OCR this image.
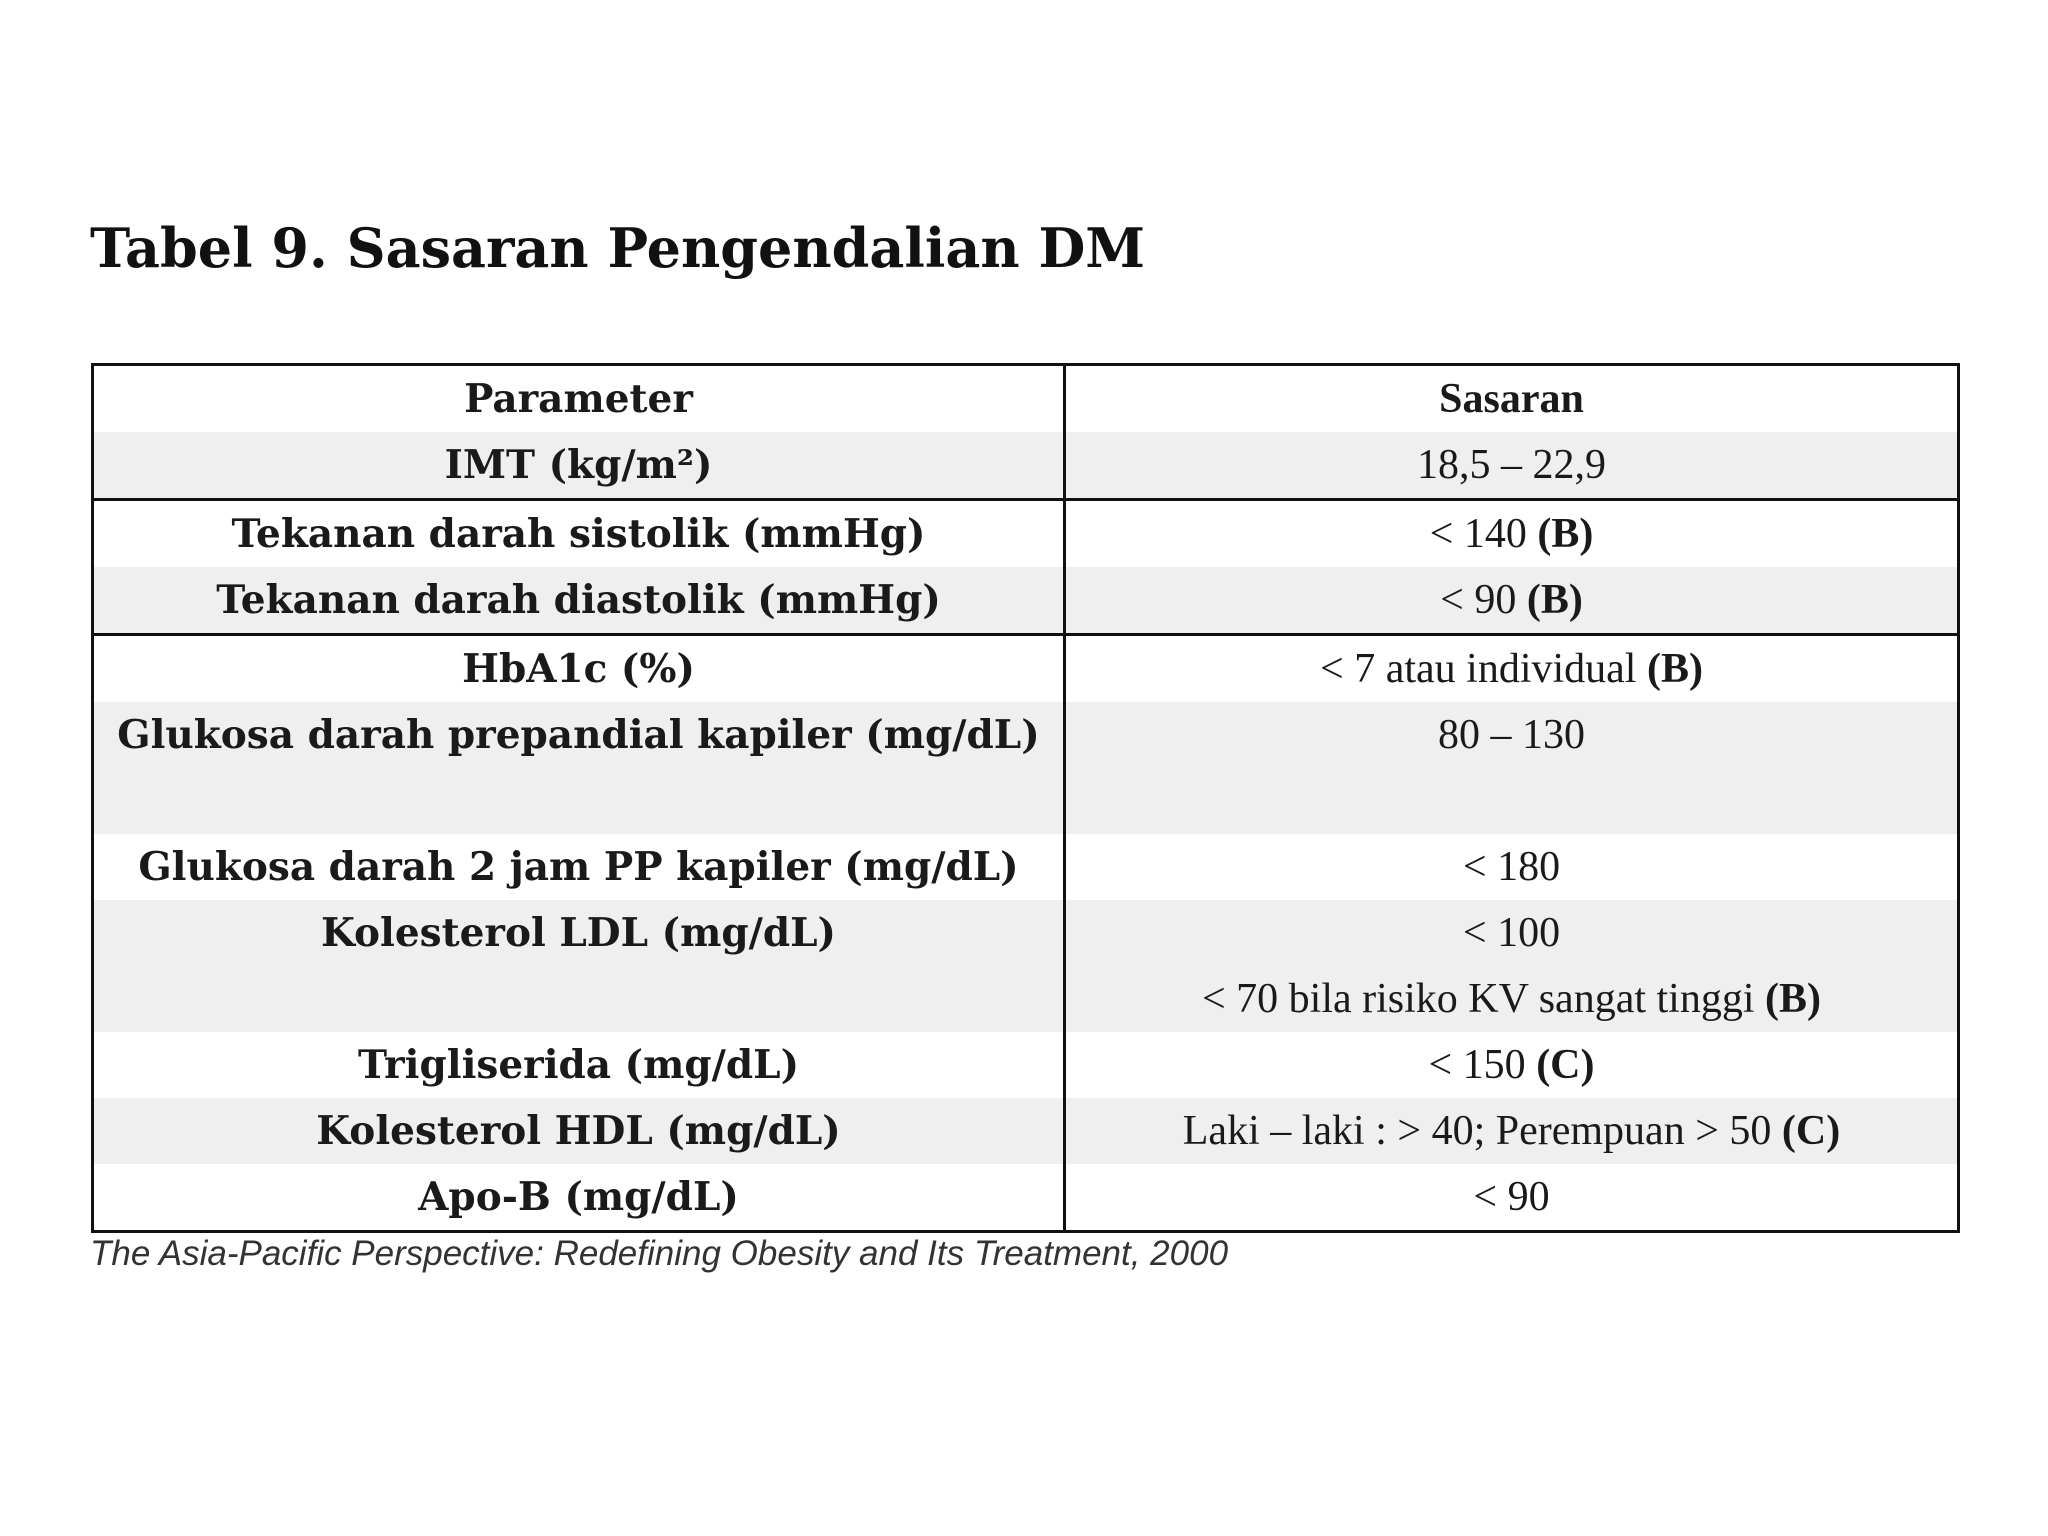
Tabel 9. Sasaran Pengendalian DM
Parameter	Sasaran
IMT (kg/m²)	18,5 – 22,9
Tekanan darah sistolik (mmHg)	< 140 (B)
Tekanan darah diastolik (mmHg)	< 90 (B)
HbA1c (%)	< 7 atau individual (B)
Glukosa darah prepandial kapiler (mg/dL)	80 – 130
Glukosa darah 2 jam PP kapiler (mg/dL)	< 180
Kolesterol LDL (mg/dL)	< 100
< 70 bila risiko KV sangat tinggi (B)
Trigliserida (mg/dL)	< 150 (C)
Kolesterol HDL (mg/dL)	Laki – laki : > 40; Perempuan > 50 (C)
Apo-B (mg/dL)	< 90
The Asia-Pacific Perspective: Redefining Obesity and Its Treatment, 2000
